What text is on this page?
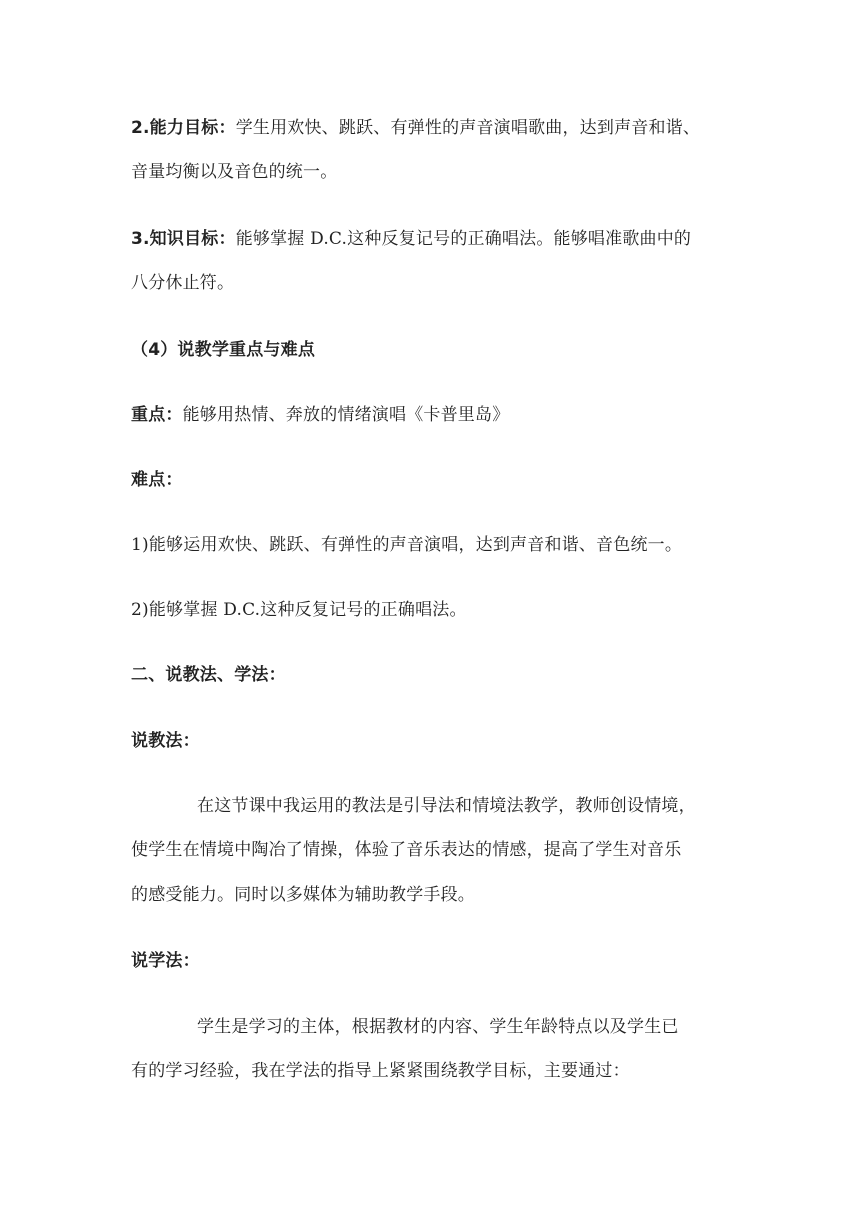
2.能力目标：学生用欢快、跳跃、有弹性的声音演唱歌曲，达到声音和谐、
音量均衡以及音色的统一。
3.知识目标：能够掌握 D.C.这种反复记号的正确唱法。能够唱准歌曲中的
八分休止符。
（4）说教学重点与难点
重点：能够用热情、奔放的情绪演唱《卡普里岛》
难点：
1)能够运用欢快、跳跃、有弹性的声音演唱，达到声音和谐、音色统一。
2)能够掌握 D.C.这种反复记号的正确唱法。
二、说教法、学法：
说教法：
在这节课中我运用的教法是引导法和情境法教学，教师创设情境，
使学生在情境中陶冶了情操，体验了音乐表达的情感，提高了学生对音乐
的感受能力。同时以多媒体为辅助教学手段。
说学法：
学生是学习的主体，根据教材的内容、学生年龄特点以及学生已
有的学习经验，我在学法的指导上紧紧围绕教学目标，主要通过：
